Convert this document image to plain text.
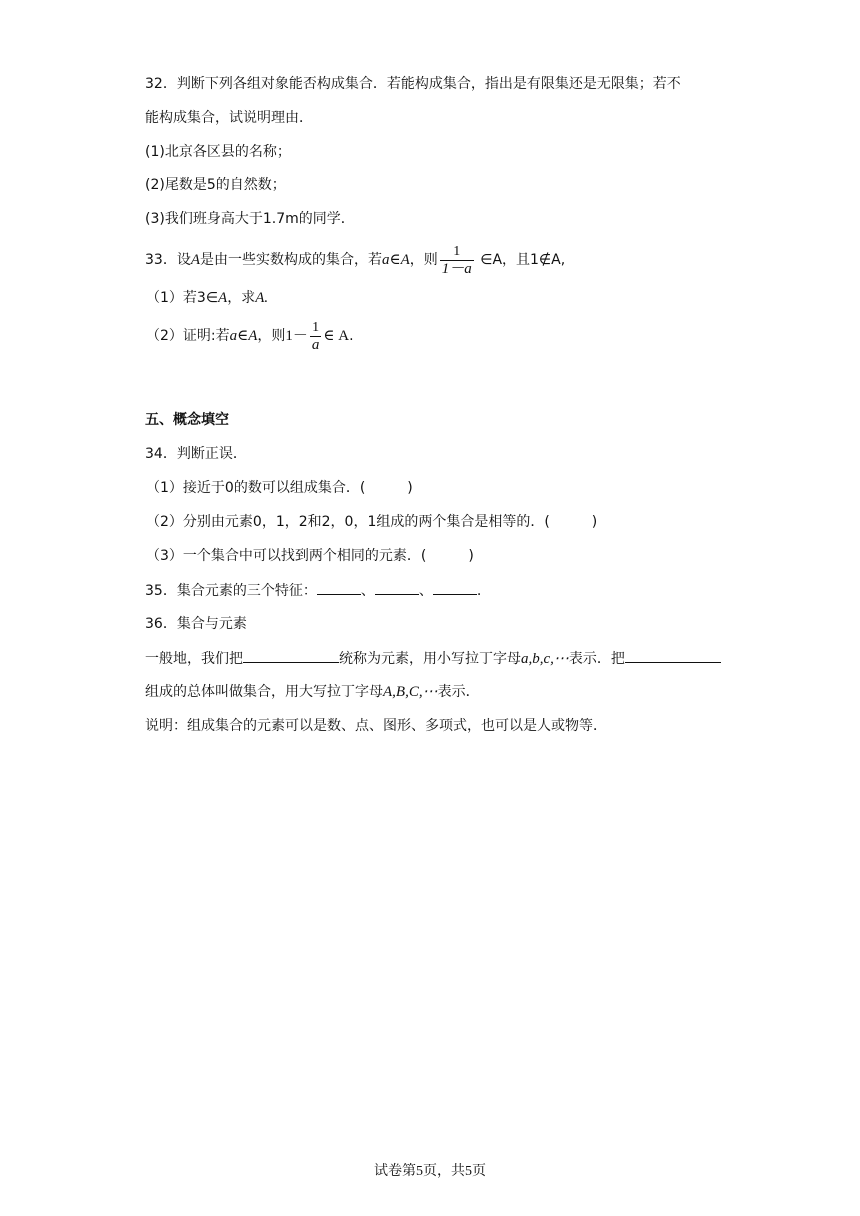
32．判断下列各组对象能否构成集合．若能构成集合，指出是有限集还是无限集；若不
能构成集合，试说明理由．
(1)北京各区县的名称；
(2)尾数是5的自然数；
(3)我们班身高大于1.7m的同学．
33．设A是由一些实数构成的集合，若a∈A，则 $\frac{1}{1-a}$ ∈A，且1∉A,
（1）若3∈A，求A.
（2）证明:若a∈A，则$1- \frac{1}{a}$ ∈ A.
五、概念填空
34．判断正误．
（1）接近于0的数可以组成集合．(　　　)
（2）分别由元素0，1，2和2，0，1组成的两个集合是相等的．(　　　)
（3）一个集合中可以找到两个相同的元素．(　　　)
35．集合元素的三个特征：	、	、	.
36．集合与元素
一般地，我们把	统称为元素，用小写拉丁字母a,b,c,⋯表示．把
组成的总体叫做集合，用大写拉丁字母A,B,C,⋯表示．
说明：组成集合的元素可以是数、点、图形、多项式，也可以是人或物等．
试卷第5页，共5页
